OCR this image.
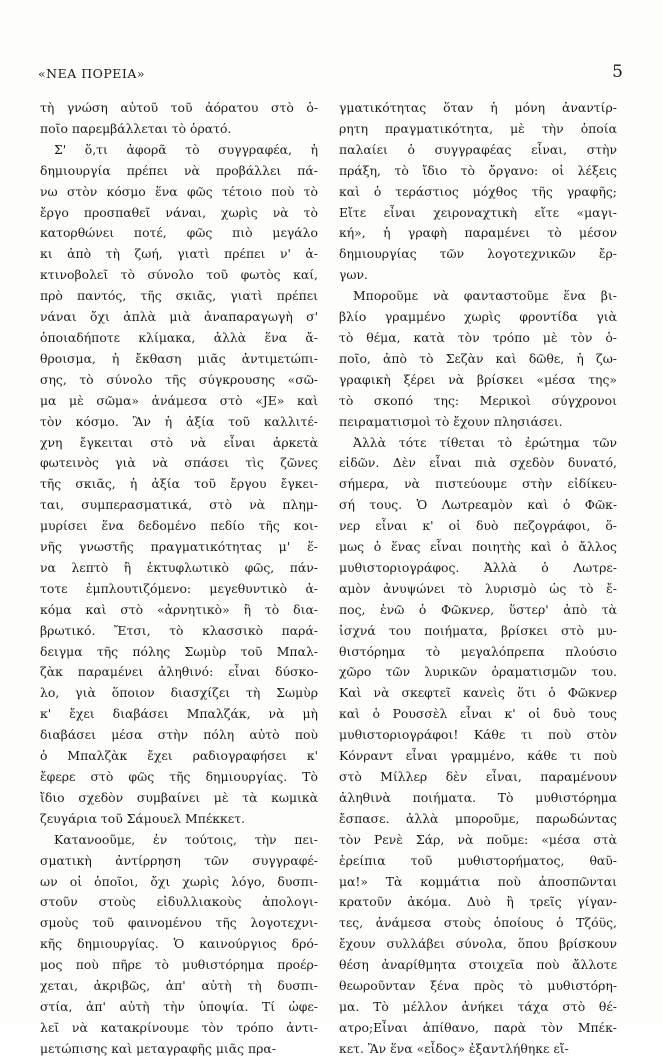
«ΝΕΑ ΠΟΡΕΙΑ»	5

τὴ γνώση αὐτοῦ τοῦ ἀόρατου στὸ ὁ-

ποῖο παρεμβάλλεται τὸ ὁρατό.

Σ' ὅ,τι ἀφορᾶ τὸ συγγραφέα, ἡ

δημιουργία πρέπει νὰ προβάλλει πά-

νω στὸν κόσμο ἕνα φῶς τέτοιο ποὺ τὸ

ἔργο προσπαθεῖ νάναι, χωρὶς νὰ τὸ

κατορθώνει ποτέ, φῶς πιὸ μεγάλο

κι ἀπὸ τὴ ζωή, γιατὶ πρέπει ν' ἀ-

κτινοβολεῖ τὸ σύνολο τοῦ φωτὸς καί,

πρὸ παντός, τῆς σκιᾶς, γιατὶ πρέπει

νάναι ὄχι ἁπλὰ μιὰ ἀναπαραγωγὴ σ'

ὁποιαδήποτε κλίμακα, ἀλλὰ ἕνα ἄ-

θροισμα, ἡ ἔκθαση μιᾶς ἀντιμετώπι-

σης, τὸ σύνολο τῆς σύγκρουσης «σῶ-

μα μὲ σῶμα» ἀνάμεσα στὸ «JE» καὶ

τὸν κόσμο. Ἂν ἡ ἀξία τοῦ καλλιτέ-

χνη ἔγκειται στὸ νὰ εἶναι ἀρκετὰ

φωτεινὸς γιὰ νὰ σπάσει τὶς ζῶνες

τῆς σκιᾶς, ἡ ἀξία τοῦ ἔργου ἔγκει-

ται, συμπερασματικά, στὸ νὰ πλημ-

μυρίσει ἕνα δεδομένο πεδίο τῆς κοι-

νῆς γνωστῆς πραγματικότητας μ' ἕ-

να λεπτὸ ἢ ἐκτυφλωτικὸ φῶς, πάν-

τοτε ἐμπλουτιζόμενο: μεγεθυντικὸ ἀ-

κόμα καὶ στὸ «ἀρνητικὸ» ἢ τὸ δια-

βρωτικό. Ἔτσι, τὸ κλασσικὸ παρά-

δειγμα τῆς πόλης Σωμὺρ τοῦ Μπαλ-

ζὰκ παραμένει ἀληθινό: εἶναι δύσκο-

λο, γιὰ ὅποιον διασχίζει τὴ Σωμὺρ

κ' ἔχει διαβάσει Μπαλζάκ, νὰ μὴ

διαβάσει μέσα στὴν πόλη αὐτὸ ποὺ

ὁ Μπαλζὰκ ἔχει ραδιογραφήσει κ'

ἔφερε στὸ φῶς τῆς δημιουργίας. Τὸ

ἴδιο σχεδὸν συμβαίνει μὲ τὰ κωμικὰ

ζευγάρια τοῦ Σάμουελ Μπέκκετ.

Κατανοοῦμε, ἐν τούτοις, τὴν πει-

σματικὴ ἀντίρρηση τῶν συγγραφέ-

ων οἱ ὁποῖοι, ὄχι χωρὶς λόγο, δυσπι-

στοῦν στοὺς εἰδυλλιακοὺς ἀπολογι-

σμοὺς τοῦ φαινομένου τῆς λογοτεχνι-

κῆς δημιουργίας. Ὁ καινούργιος δρό-

μος ποὺ πῆρε τὸ μυθιστόρημα προέρ-

χεται, ἀκριβῶς, ἀπ' αὐτὴ τὴ δυσπι-

στία, ἀπ' αὐτὴ τὴν ὑποψία. Τί ὠφε-

λεῖ νὰ κατακρίνουμε τὸν τρόπο ἀντι-

μετώπισης καὶ μεταγραφῆς μιᾶς πρα-

γματικότητας ὅταν ἡ μόνη ἀναντίρ-

ρητη πραγματικότητα, μὲ τὴν ὁποία

παλαίει ὁ συγγραφέας εἶναι, στὴν

πράξη, τὸ ἴδιο τὸ ὄργανο: οἱ λέξεις

καὶ ὁ τεράστιος μόχθος τῆς γραφῆς;

Εἴτε εἶναι χειροναχτικὴ εἴτε «μαγι-

κή», ἡ γραφὴ παραμένει τὸ μέσον

δημιουργίας τῶν λογοτεχνικῶν ἔρ-

γων.

Μποροῦμε νὰ φανταστοῦμε ἕνα βι-

βλίο γραμμένο χωρὶς φροντίδα γιὰ

τὸ θέμα, κατὰ τὸν τρόπο μὲ τὸν ὁ-

ποῖο, ἀπὸ τὸ Σεζὰν καὶ δῶθε, ἡ ζω-

γραφικὴ ξέρει νὰ βρίσκει «μέσα της»

τὸ σκοπό της: Μερικοὶ σύγχρονοι

πειραματισμοὶ τὸ ἔχουν πλησιάσει.

Ἀλλὰ τότε τίθεται τὸ ἐρώτημα τῶν

εἰδῶν. Δὲν εἶναι πιὰ σχεδὸν δυνατό,

σήμερα, νὰ πιστεύουμε στὴν εἰδίκευ-

σή τους. Ὁ Λωτρεαμὸν καὶ ὁ Φῶκ-

νερ εἶναι κ' οἱ δυὸ πεζογράφοι, ὅ-

μως ὁ ἕνας εἶναι ποιητὴς καὶ ὁ ἄλλος

μυθιστοριογράφος. Ἀλλὰ ὁ Λωτρε-

αμὸν ἀνυψώνει τὸ λυρισμὸ ὡς τὸ ἔ-

πος, ἐνῶ ὁ Φῶκνερ, ὕστερ' ἀπὸ τὰ

ἰσχνά του ποιήματα, βρίσκει στὸ μυ-

θιστόρημα τὸ μεγαλόπρεπα πλούσιο

χῶρο τῶν λυρικῶν ὁραματισμῶν του.

Καὶ νὰ σκεφτεῖ κανεὶς ὅτι ὁ Φῶκνερ

καὶ ὁ Ρουσσὲλ εἶναι κ' οἱ δυὸ τους

μυθιστοριογράφοι! Κάθε τι ποὺ στὸν

Κόνραντ εἶναι γραμμένο, κάθε τι ποὺ

στὸ Μίλλερ δὲν εἶναι, παραμένουν

ἀληθινὰ ποιήματα. Τὸ μυθιστόρημα

ἔσπασε. ἀλλὰ μποροῦμε, παρωδώντας

τὸν Ρενὲ Σάρ, νὰ ποῦμε: «μέσα στὰ

ἐρείπια τοῦ μυθιστορήματος, θαῦ-

μα!» Τὰ κομμάτια ποὺ ἀποσπῶνται

κρατοῦν ἀκόμα. Δυὸ ἢ τρεῖς γίγαν-

τες, ἀνάμεσα στοὺς ὁποίους ὁ Τζόϋς,

ἔχουν συλλάβει σύνολα, ὅπου βρίσκουν

θέση ἀναρίθμητα στοιχεῖα ποὺ ἄλλοτε

θεωροῦνταν ξένα πρὸς τὸ μυθιστόρη-

μα. Τὸ μέλλον ἀνήκει τάχα στὸ θέ-

ατρο;Εἶναι ἀπίθανο, παρὰ τὸν Μπέκ-

κετ. Ἂν ἕνα «εἶδος» ἐξαντλήθηκε εἴ-
